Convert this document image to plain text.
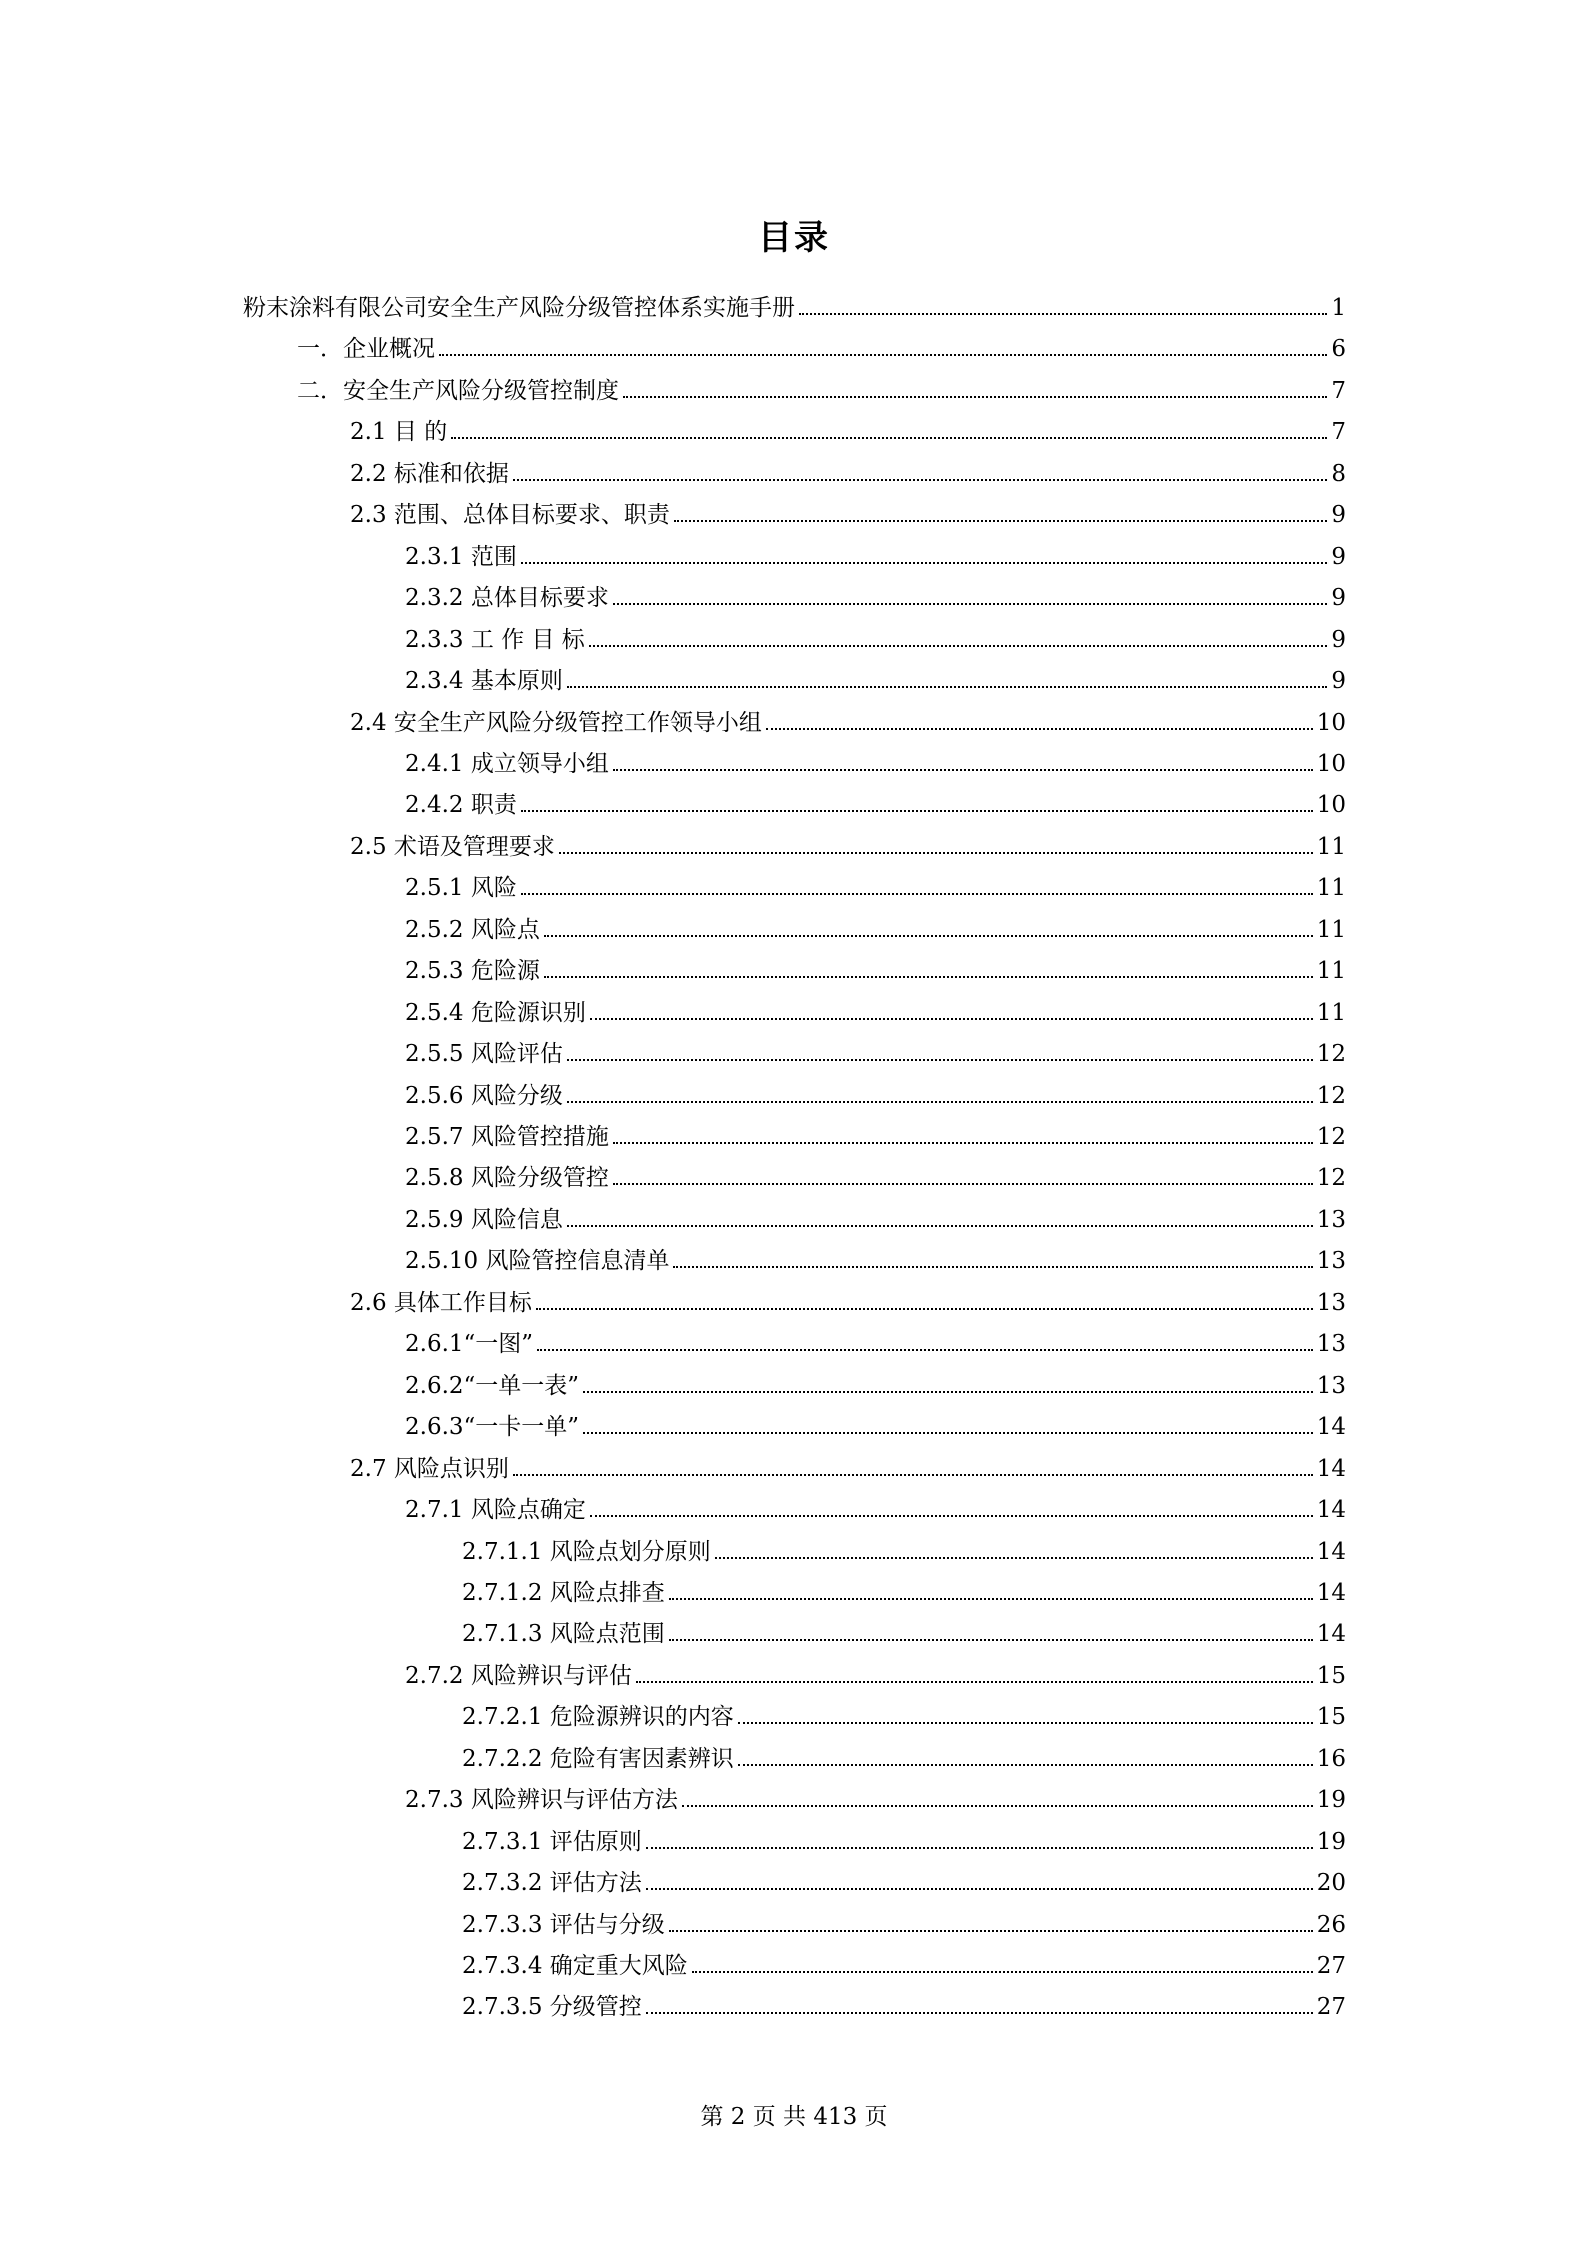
目录
粉末涂料有限公司安全生产风险分级管控体系实施手册	1
一．企业概况	6
二．安全生产风险分级管控制度	7
2.1 目 的	7
2.2 标准和依据	8
2.3 范围、总体目标要求、职责	9
2.3.1 范围	9
2.3.2 总体目标要求	9
2.3.3 工 作 目 标	9
2.3.4 基本原则	9
2.4 安全生产风险分级管控工作领导小组	10
2.4.1 成立领导小组	10
2.4.2 职责	10
2.5 术语及管理要求	11
2.5.1 风险	11
2.5.2 风险点	11
2.5.3 危险源	11
2.5.4 危险源识别	11
2.5.5 风险评估	12
2.5.6 风险分级	12
2.5.7 风险管控措施	12
2.5.8 风险分级管控	12
2.5.9 风险信息	13
2.5.10 风险管控信息清单	13
2.6 具体工作目标	13
2.6.1“一图”	13
2.6.2“一单一表”	13
2.6.3“一卡一单”	14
2.7 风险点识别	14
2.7.1 风险点确定	14
2.7.1.1 风险点划分原则	14
2.7.1.2 风险点排查	14
2.7.1.3 风险点范围	14
2.7.2 风险辨识与评估	15
2.7.2.1 危险源辨识的内容	15
2.7.2.2 危险有害因素辨识	16
2.7.3 风险辨识与评估方法	19
2.7.3.1 评估原则	19
2.7.3.2 评估方法	20
2.7.3.3 评估与分级	26
2.7.3.4 确定重大风险	27
2.7.3.5 分级管控	27
第 2 页 共 413 页
